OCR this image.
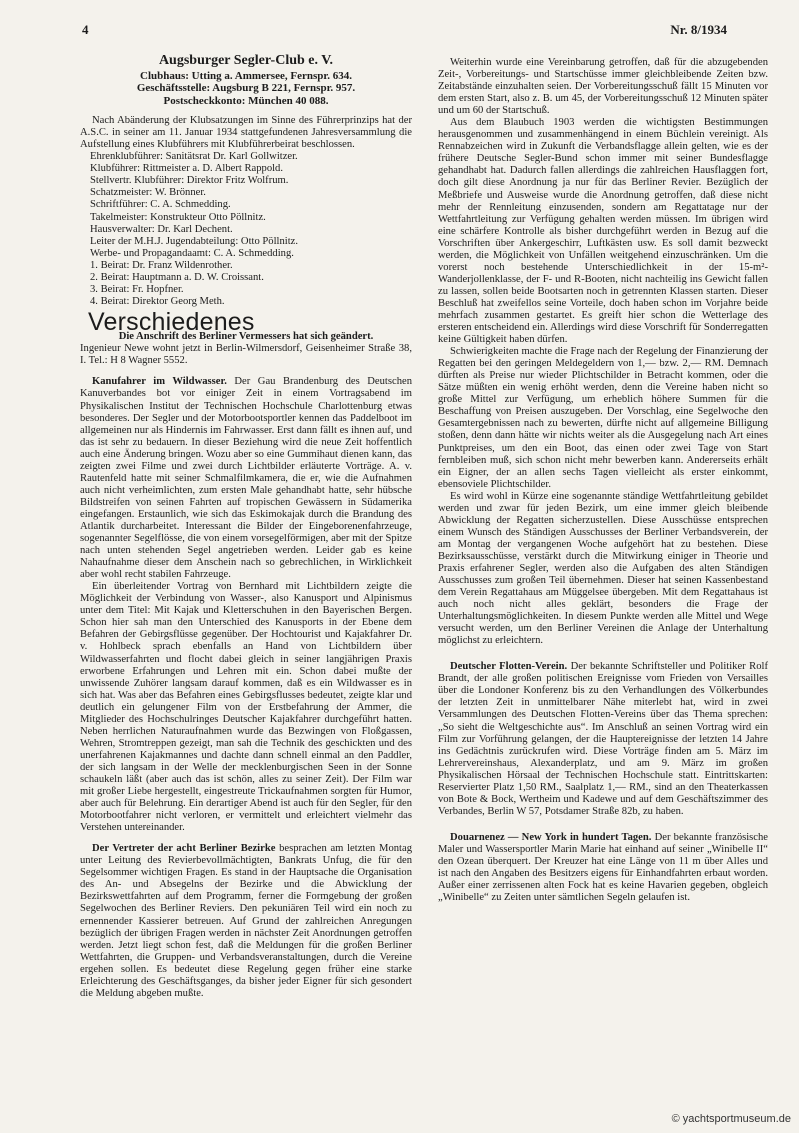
4	Nr. 8/1934
Augsburger Segler-Club e. V.
Clubhaus: Utting a. Ammersee, Fernspr. 634.
Geschäftsstelle: Augsburg B 221, Fernspr. 957.
Postscheckkonto: München 40 088.

Nach Abänderung der Klubsatzungen im Sinne des Führerprinzips hat der A.S.C. in seiner am 11. Januar 1934 stattgefundenen Jahresversammlung die Aufstellung eines Klubführers mit Klubführerbeirat beschlossen.

Ehrenklubführer: Sanitätsrat Dr. Karl Gollwitzer.
Klubführer: Rittmeister a. D. Albert Rappold.
Stellvertr. Klubführer: Direktor Fritz Wolfrum.
Schatzmeister: W. Brönner.
Schriftführer: C. A. Schmedding.
Takelmeister: Konstrukteur Otto Pöllnitz.
Hausverwalter: Dr. Karl Dechent.
Leiter der M.H.J. Jugendabteilung: Otto Pöllnitz.
Werbe- und Propagandaamt: C. A. Schmedding.
1. Beirat: Dr. Franz Wildenrother.
2. Beirat: Hauptmann a. D. W. Croissant.
3. Beirat: Fr. Hopfner.
4. Beirat: Direktor Georg Meth.
Verschiedenes
Die Anschrift des Berliner Vermessers hat sich geändert.

Ingenieur Newe wohnt jetzt in Berlin-Wilmersdorf, Geisenheimer Straße 38, I. Tel.: H 8 Wagner 5552.

Kanufahrer im Wildwasser. Der Gau Brandenburg des Deutschen Kanuverbandes bot vor einiger Zeit in einem Vortragsabend im Physikalischen Institut der Technischen Hochschule Charlottenburg etwas besonderes. Der Segler und der Motorbootsportler kennen das Paddelboot im allgemeinen nur als Hindernis im Fahrwasser. Erst dann fällt es ihnen auf, und das ist sehr zu bedauern. In dieser Beziehung wird die neue Zeit hoffentlich auch eine Änderung bringen. Wozu aber so eine Gummihaut dienen kann, das zeigten zwei Filme und zwei durch Lichtbilder erläuterte Vorträge. A. v. Rautenfeld hatte mit seiner Schmalfilmkamera, die er, wie die Aufnahmen auch nicht verheimlichten, zum ersten Male gehandhabt hatte, sehr hübsche Bildstreifen von seinen Fahrten auf tropischen Gewässern in Südamerika eingefangen. Erstaunlich, wie sich das Eskimokajak durch die Brandung des Atlantik durcharbeitet. Interessant die Bilder der Eingeborenenfahrzeuge, sogenannter Segelflösse, die von einem vorsegelförmigen, aber mit der Spitze nach unten stehenden Segel angetrieben werden. Leider gab es keine Nahaufnahme dieser dem Anschein nach so gebrechlichen, in Wirklichkeit aber wohl recht stabilen Fahrzeuge.

Ein überleitender Vortrag von Bernhard mit Lichtbildern zeigte die Möglichkeit der Verbindung von Wasser-, also Kanusport und Alpinismus unter dem Titel: Mit Kajak und Kletterschuhen in den Bayerischen Bergen. Schon hier sah man den Unterschied des Kanusports in der Ebene dem Befahren der Gebirgsflüsse gegenüber. Der Hochtourist und Kajakfahrer Dr. v. Hohlbeck sprach ebenfalls an Hand von Lichtbildern über Wildwasserfahrten und flocht dabei gleich in seiner langjährigen Praxis erworbene Erfahrungen und Lehren mit ein. Schon dabei mußte der unwissende Zuhörer langsam darauf kommen, daß es ein Wildwasser es in sich hat. Was aber das Befahren eines Gebirgsflusses bedeutet, zeigte klar und deutlich ein gelungener Film von der Erstbefahrung der Ammer, die Mitglieder des Hochschulringes Deutscher Kajakfahrer durchgeführt hatten. Neben herrlichen Naturaufnahmen wurde das Bezwingen von Floßgassen, Wehren, Stromtreppen gezeigt, man sah die Technik des geschickten und des unerfahrenen Kajakmannes und dachte dann schnell einmal an den Paddler, der sich langsam in der Welle der mecklenburgischen Seen in der Sonne schaukeln läßt (aber auch das ist schön, alles zu seiner Zeit). Der Film war mit großer Liebe hergestellt, eingestreute Trickaufnahmen sorgten für Humor, aber auch für Belehrung. Ein derartiger Abend ist auch für den Segler, für den Motorbootfahrer nicht verloren, er vermittelt und erleichtert vielmehr das Verstehen untereinander.

Der Vertreter der acht Berliner Bezirke besprachen am letzten Montag unter Leitung des Revierbevollmächtigten, Bankrats Unfug, die für den Segelsommer wichtigen Fragen. Es stand in der Hauptsache die Organisation des An- und Absegelns der Bezirke und die Abwicklung der Bezirkswettfahrten auf dem Programm, ferner die Formgebung der großen Segelwochen des Berliner Reviers. Den pekuniären Teil wird ein noch zu ernennender Kassierer betreuen. Auf Grund der zahlreichen Anregungen bezüglich der übrigen Fragen werden in nächster Zeit Anordnungen getroffen werden. Jetzt liegt schon fest, daß die Meldungen für die großen Berliner Wettfahrten, die Gruppen- und Verbandsveranstaltungen, durch die Vereine ergehen sollen. Es bedeutet diese Regelung gegen früher eine starke Erleichterung des Geschäftsganges, da bisher jeder Eigner für sich gesondert die Meldung abgeben mußte.

Weiterhin wurde eine Vereinbarung getroffen, daß für die abzugebenden Zeit-, Vorbereitungs- und Startschüsse immer gleichbleibende Zeiten bzw. Zeitabstände einzuhalten seien. Der Vorbereitungsschuß fällt 15 Minuten vor dem ersten Start, also z. B. um 45, der Vorbereitungsschuß 12 Minuten später und um 60 der Startschuß.

Aus dem Blaubuch 1903 werden die wichtigsten Bestimmungen herausgenommen und zusammenhängend in einem Büchlein vereinigt. Als Rennabzeichen wird in Zukunft die Verbandsflagge allein gelten, wie es der frühere Deutsche Segler-Bund schon immer mit seiner Bundesflagge gehandhabt hat. Dadurch fallen allerdings die zahlreichen Hausflaggen fort, doch gilt diese Anordnung ja nur für das Berliner Revier. Bezüglich der Meßbriefe und Ausweise wurde die Anordnung getroffen, daß diese nicht mehr der Rennleitung einzusenden, sondern am Regattatage nur der Wettfahrtleitung zur Verfügung gehalten werden müssen. Im übrigen wird eine schärfere Kontrolle als bisher durchgeführt werden in Bezug auf die Vorschriften über Ankergeschirr, Luftkästen usw. Es soll damit bezweckt werden, die Möglichkeit von Unfällen weitgehend einzuschränken. Um die vorerst noch bestehende Unterschiedlichkeit in der 15-m²-Wanderjollenklasse, der F- und R-Booten, nicht nachteilig ins Gewicht fallen zu lassen, sollen beide Bootsarten noch in getrennten Klassen starten. Dieser Beschluß hat zweifellos seine Vorteile, doch haben schon im Vorjahre beide mehrfach zusammen gestartet. Es greift hier schon die Wetterlage des ersteren entscheidend ein. Allerdings wird diese Vorschrift für Sonderregatten keine Gültigkeit haben dürfen.

Schwierigkeiten machte die Frage nach der Regelung der Finanzierung der Regatten bei den geringen Meldegeldern von 1,— bzw. 2,— RM. Demnach dürften als Preise nur wieder Plichtschilder in Betracht kommen, oder die Sätze müßten ein wenig erhöht werden, denn die Vereine haben nicht so große Mittel zur Verfügung, um erheblich höhere Summen für die Beschaffung von Preisen auszugeben. Der Vorschlag, eine Segelwoche den Gesamtergebnissen nach zu bewerten, dürfte nicht auf allgemeine Billigung stoßen, denn dann hätte wir nichts weiter als die Ausgegelung nach Art eines Punktpreises, um den ein Boot, das einen oder zwei Tage von Start fernbleiben muß, sich schon nicht mehr bewerben kann. Andererseits erhält ein Eigner, der an allen sechs Tagen vielleicht als erster einkommt, ebensoviele Plichtschilder.

Es wird wohl in Kürze eine sogenannte ständige Wettfahrtleitung gebildet werden und zwar für jeden Bezirk, um eine immer gleich bleibende Abwicklung der Regatten sicherzustellen. Diese Ausschüsse entsprechen einem Wunsch des Ständigen Ausschusses der Berliner Verbandsverein, der am Montag der vergangenen Woche aufgehört hat zu bestehen. Diese Bezirksausschüsse, verstärkt durch die Mitwirkung einiger in Theorie und Praxis erfahrener Segler, werden also die Aufgaben des alten Ständigen Ausschusses zum großen Teil übernehmen. Dieser hat seinen Kassenbestand dem Verein Regattahaus am Müggelsee übergeben. Mit dem Regattahaus ist auch noch nicht alles geklärt, besonders die Frage der Unterhaltungsmöglichkeiten. In diesem Punkte werden alle Mittel und Wege versucht werden, um den Berliner Vereinen die Anlage der Unterhaltung möglichst zu erleichtern.

Deutscher Flotten-Verein. Der bekannte Schriftsteller und Politiker Rolf Brandt, der alle großen politischen Ereignisse vom Frieden von Versailles über die Londoner Konferenz bis zu den Verhandlungen des Völkerbundes der letzten Zeit in unmittelbarer Nähe miterlebt hat, wird in zwei Versammlungen des Deutschen Flotten-Vereins über das Thema sprechen: „So sieht die Weltgeschichte aus“. Im Anschluß an seinen Vortrag wird ein Film zur Vorführung gelangen, der die Hauptereignisse der letzten 14 Jahre ins Gedächtnis zurückrufen wird. Diese Vorträge finden am 5. März im Lehrervereinshaus, Alexanderplatz, und am 9. März im großen Physikalischen Hörsaal der Technischen Hochschule statt. Eintrittskarten: Reservierter Platz 1,50 RM., Saalplatz 1,— RM., sind an den Theaterkassen von Bote & Bock, Wertheim und Kadewe und auf dem Geschäftszimmer des Verbandes, Berlin W 57, Potsdamer Straße 82b, zu haben.

Douarnenez — New York in hundert Tagen. Der bekannte französische Maler und Wassersportler Marin Marie hat einhand auf seiner „Winibelle II“ den Ozean überquert. Der Kreuzer hat eine Länge von 11 m über Alles und ist nach den Angaben des Besitzers eigens für Einhandfahrten erbaut worden. Außer einer zerrissenen alten Fock hat es keine Havarien gegeben, obgleich „Winibelle“ zu Zeiten unter sämtlichen Segeln gelaufen ist.

© yachtsportmuseum.de
